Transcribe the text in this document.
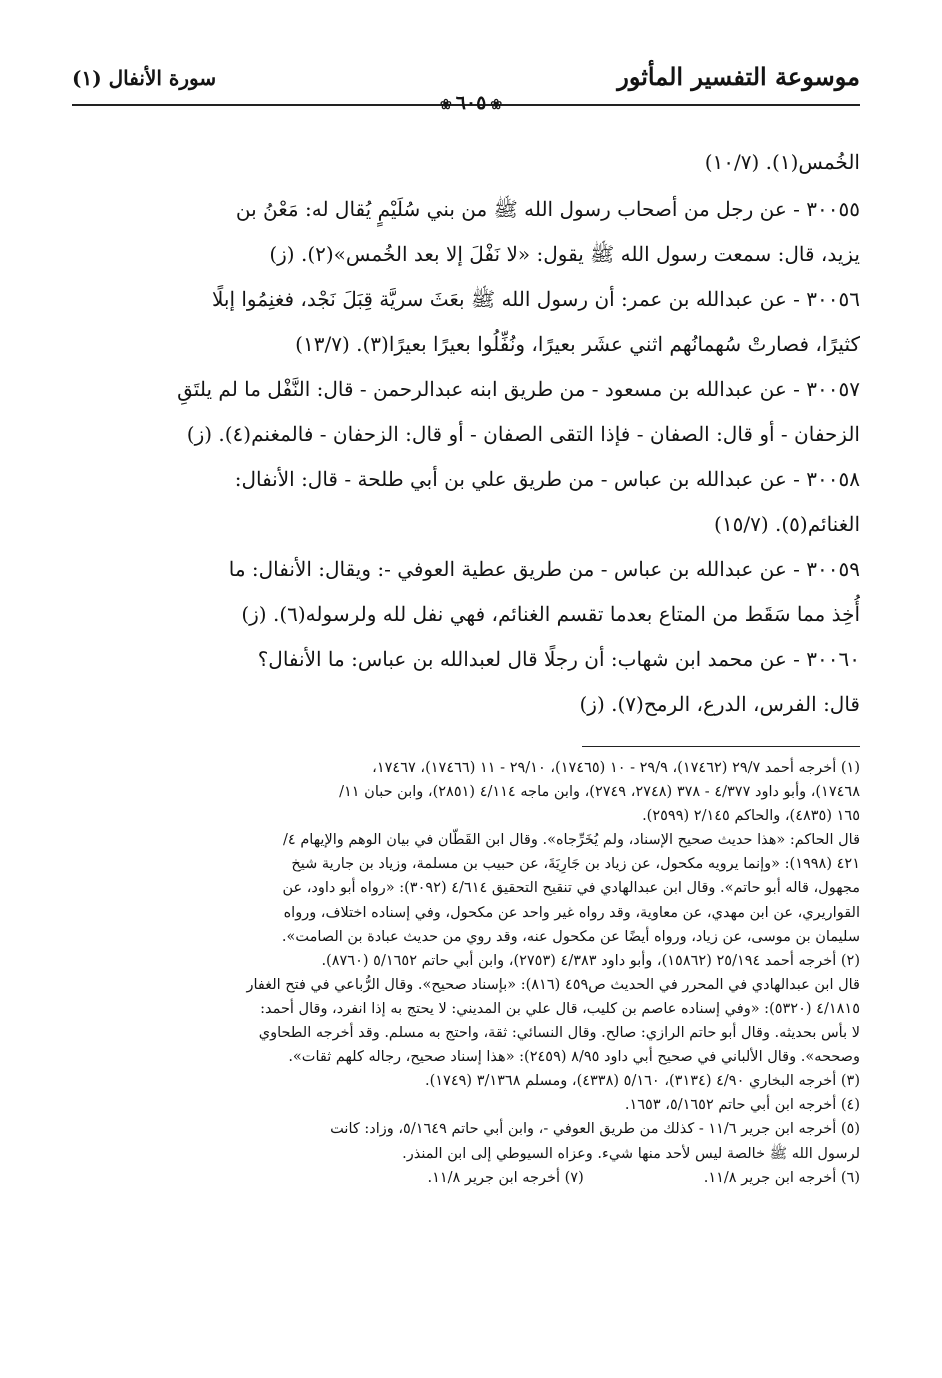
موسوعة التفسير المأثور
سورة الأنفال (١)
❀٦٠٥❀
الخُمس(١). (١٠/٧)
٣٠٠٥٥ - عن رجل من أصحاب رسول الله ﷺ من بني سُلَيْمٍ يُقال له: مَعْنُ بن
يزيد، قال: سمعت رسول الله ﷺ يقول: «لا نَفْلَ إلا بعد الخُمس»(٢). (ز)
٣٠٠٥٦ - عن عبدالله بن عمر: أن رسول الله ﷺ بعَثَ سريَّة قِبَلَ نَجْد، فغنِمُوا إبلًا
كثيرًا، فصارتْ سُهمانُهم اثني عشَر بعيرًا، ونُفِّلُوا بعيرًا بعيرًا(٣). (١٣/٧)
٣٠٠٥٧ - عن عبدالله بن مسعود - من طريق ابنه عبدالرحمن - قال: النَّفْل ما لم يلتَقِ
الزحفان - أو قال: الصفان - فإذا التقى الصفان - أو قال: الزحفان - فالمغنم(٤). (ز)
٣٠٠٥٨ - عن عبدالله بن عباس - من طريق علي بن أبي طلحة - قال: الأنفال:
الغنائم(٥). (١٥/٧)
٣٠٠٥٩ - عن عبدالله بن عباس - من طريق عطية العوفي -: ويقال: الأنفال: ما
أُخِذ مما سَقَط من المتاع بعدما تقسم الغنائم، فهي نفل لله ولرسوله(٦). (ز)
٣٠٠٦٠ - عن محمد ابن شهاب: أن رجلًا قال لعبدالله بن عباس: ما الأنفال؟
قال: الفرس، الدرع، الرمح(٧). (ز)
(١) أخرجه أحمد ٢٩/٧ (١٧٤٦٢)، ٢٩/٩ - ١٠ (١٧٤٦٥)، ٢٩/١٠ - ١١ (١٧٤٦٦)، ١٧٤٦٧،
١٧٤٦٨)، وأبو داود ٤/٣٧٧ - ٣٧٨ (٢٧٤٨، ٢٧٤٩)، وابن ماجه ٤/١١٤ (٢٨٥١)، وابن حبان ١١/
١٦٥ (٤٨٣٥)، والحاكم ٢/١٤٥ (٢٥٩٩).
قال الحاكم: «هذا حديث صحيح الإسناد، ولم يُخَرِّجاه». وقال ابن القَطّان في بيان الوهم والإيهام ٤/
٤٢١ (١٩٩٨): «وإنما يرويه مكحول، عن زياد بن جَارِيَةَ، عن حبيب بن مسلمة، وزياد بن جارية شيخ
مجهول، قاله أبو حاتم». وقال ابن عبدالهادي في تنقيح التحقيق ٤/٦١٤ (٣٠٩٢): «رواه أبو داود، عن
القواريري، عن ابن مهدي، عن معاوية، وقد رواه غير واحد عن مكحول، وفي إسناده اختلاف، ورواه
سليمان بن موسى، عن زياد، ورواه أيضًا عن مكحول عنه، وقد روي من حديث عبادة بن الصامت».
(٢) أخرجه أحمد ٢٥/١٩٤ (١٥٨٦٢)، وأبو داود ٤/٣٨٣ (٢٧٥٣)، وابن أبي حاتم ٥/١٦٥٢ (٨٧٦٠).
قال ابن عبدالهادي في المحرر في الحديث ص٤٥٩ (٨١٦): «بإسناد صحيح». وقال الرُّباعي في فتح الغفار
٤/١٨١٥ (٥٣٢٠): «وفي إسناده عاصم بن كليب، قال علي بن المديني: لا يحتج به إذا انفرد، وقال أحمد:
لا بأس بحديثه. وقال أبو حاتم الرازي: صالح. وقال النسائي: ثقة، واحتج به مسلم. وقد أخرجه الطحاوي
وصححه». وقال الألباني في صحيح أبي داود ٨/٩٥ (٢٤٥٩): «هذا إسناد صحيح، رجاله كلهم ثقات».
(٣) أخرجه البخاري ٤/٩٠ (٣١٣٤)، ٥/١٦٠ (٤٣٣٨)، ومسلم ٣/١٣٦٨ (١٧٤٩).
(٤) أخرجه ابن أبي حاتم ٥/١٦٥٢، ١٦٥٣.
(٥) أخرجه ابن جرير ١١/٦ - كذلك من طريق العوفي -، وابن أبي حاتم ٥/١٦٤٩، وزاد: كانت
لرسول الله ﷺ خالصة ليس لأحد منها شيء. وعزاه السيوطي إلى ابن المنذر.
(٦) أخرجه ابن جرير ١١/٨.
(٧) أخرجه ابن جرير ١١/٨.
